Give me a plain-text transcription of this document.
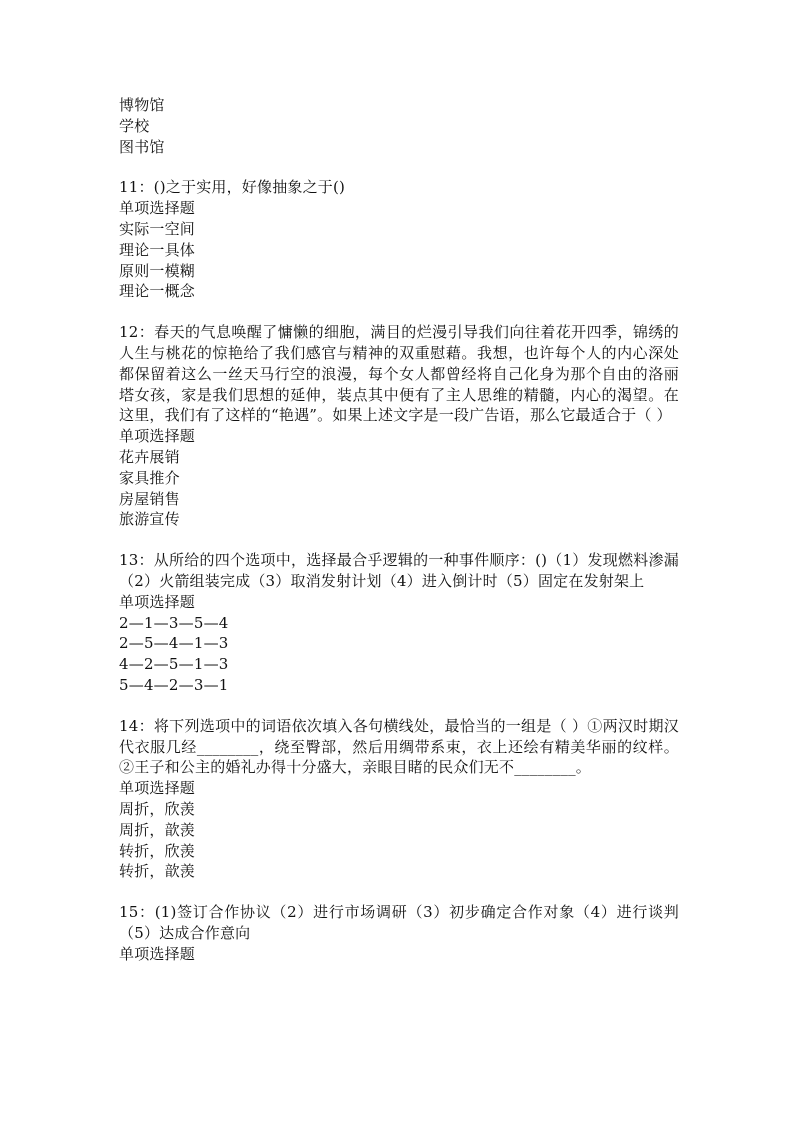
博物馆
学校
图书馆
11：()之于实用，好像抽象之于()
单项选择题
实际一空间
理论一具体
原则一模糊
理论一概念
12：春天的气息唤醒了慵懒的细胞，满目的烂漫引导我们向往着花开四季，锦绣的人生与桃花的惊艳给了我们感官与精神的双重慰藉。我想，也许每个人的内心深处都保留着这么一丝天马行空的浪漫，每个女人都曾经将自己化身为那个自由的洛丽塔女孩，家是我们思想的延伸，装点其中便有了主人思维的精髓，内心的渴望。在这里，我们有了这样的“艳遇”。如果上述文字是一段广告语，那么它最适合于（ ）
单项选择题
花卉展销
家具推介
房屋销售
旅游宣传
13：从所给的四个选项中，选择最合乎逻辑的一种事件顺序：()（1）发现燃料渗漏（2）火箭组装完成（3）取消发射计划（4）进入倒计时（5）固定在发射架上
单项选择题
2—1—3—5—4
2—5—4—1—3
4—2—5—1—3
5—4—2—3—1
14：将下列选项中的词语依次填入各句横线处，最恰当的一组是（ ）①两汉时期汉代衣服几经________，绕至臀部，然后用绸带系束，衣上还绘有精美华丽的纹样。②王子和公主的婚礼办得十分盛大，亲眼目睹的民众们无不________。
单项选择题
周折，欣羡
周折，歆羡
转折，欣羡
转折，歆羡
15：(1)签订合作协议（2）进行市场调研（3）初步确定合作对象（4）进行谈判（5）达成合作意向
单项选择题
